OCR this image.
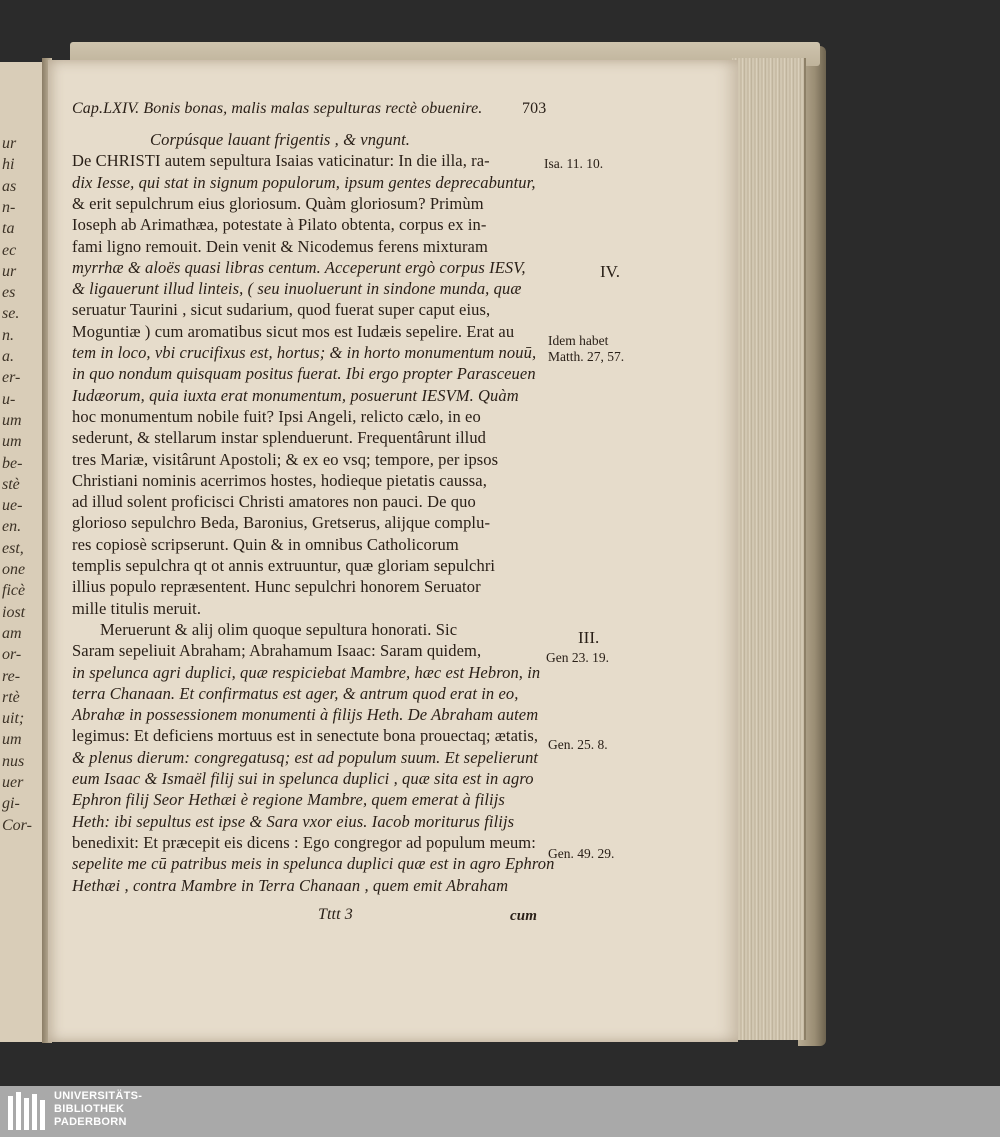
ur
hi
as
n-
ta
ec
ur
es
se.
n.
a.
er-
u-
um
um
be-
stè
ue-
en.
est,
one
ficè
iost
am
or-
re-
rtè
uit;
um
nus
uer
gi-
Cor-
Cap.LXIV. Bonis bonas, malis malas sepulturas rectè obuenire. 703
Tttt 3	cum
Corpúsque lauant frigentis , & vngunt.
De CHRISTI autem sepultura Isaias vaticinatur: In die illa, ra-
dix Iesse, qui stat in signum populorum, ipsum gentes deprecabuntur,
& erit sepulchrum eius gloriosum. Quàm gloriosum? Primùm
Ioseph ab Arimathæa, potestate à Pilato obtenta, corpus ex in-
fami ligno remouit. Dein venit & Nicodemus ferens mixturam
myrrhæ & aloës quasi libras centum. Acceperunt ergò corpus IESV,
& ligauerunt illud linteis, ( seu inuoluerunt in sindone munda, quæ
seruatur Taurini , sicut sudarium, quod fuerat super caput eius,
Moguntiæ ) cum aromatibus sicut mos est Iudæis sepelire. Erat au
tem in loco, vbi crucifixus est, hortus; & in horto monumentum nouū,
in quo nondum quisquam positus fuerat. Ibi ergo propter Parasceuen
Iudæorum, quia iuxta erat monumentum, posuerunt IESVM. Quàm
hoc monumentum nobile fuit? Ipsi Angeli, relicto cælo, in eo
sederunt, & stellarum instar splenduerunt. Frequentârunt illud
tres Mariæ, visitârunt Apostoli; & ex eo vsq; tempore, per ipsos
Christiani nominis acerrimos hostes, hodieque pietatis caussa,
ad illud solent proficisci Christi amatores non pauci. De quo
glorioso sepulchro Beda, Baronius, Gretserus, alijque complu-
res copiosè scripserunt. Quin & in omnibus Catholicorum
templis sepulchra qt ot annis extruuntur, quæ gloriam sepulchri
illius populo repræsentent. Hunc sepulchri honorem Seruator
mille titulis meruit.
Meruerunt & alij olim quoque sepultura honorati. Sic
Saram sepeliuit Abraham; Abrahamum Isaac: Saram quidem,
in spelunca agri duplici, quæ respiciebat Mambre, hæc est Hebron, in
terra Chanaan. Et confirmatus est ager, & antrum quod erat in eo,
Abrahæ in possessionem monumenti à filijs Heth. De Abraham autem
legimus: Et deficiens mortuus est in senectute bona prouectaq; ætatis,
& plenus dierum: congregatusq; est ad populum suum. Et sepelierunt
eum Isaac & Ismaël filij sui in spelunca duplici , quæ sita est in agro
Ephron filij Seor Hethæi è regione Mambre, quem emerat à filijs
Heth: ibi sepultus est ipse & Sara vxor eius. Iacob moriturus filijs
benedixit: Et præcepit eis dicens : Ego congregor ad populum meum:
sepelite me cū patribus meis in spelunca duplici quæ est in agro Ephron
Hethæi , contra Mambre in Terra Chanaan , quem emit Abraham
Isa. 11. 10.
IV.
Idem habet
Matth. 27, 57.
III.
Gen 23. 19.
Gen. 25. 8.
Gen. 49. 29.
UNIVERSITÄTS-
BIBLIOTHEK
PADERBORN
